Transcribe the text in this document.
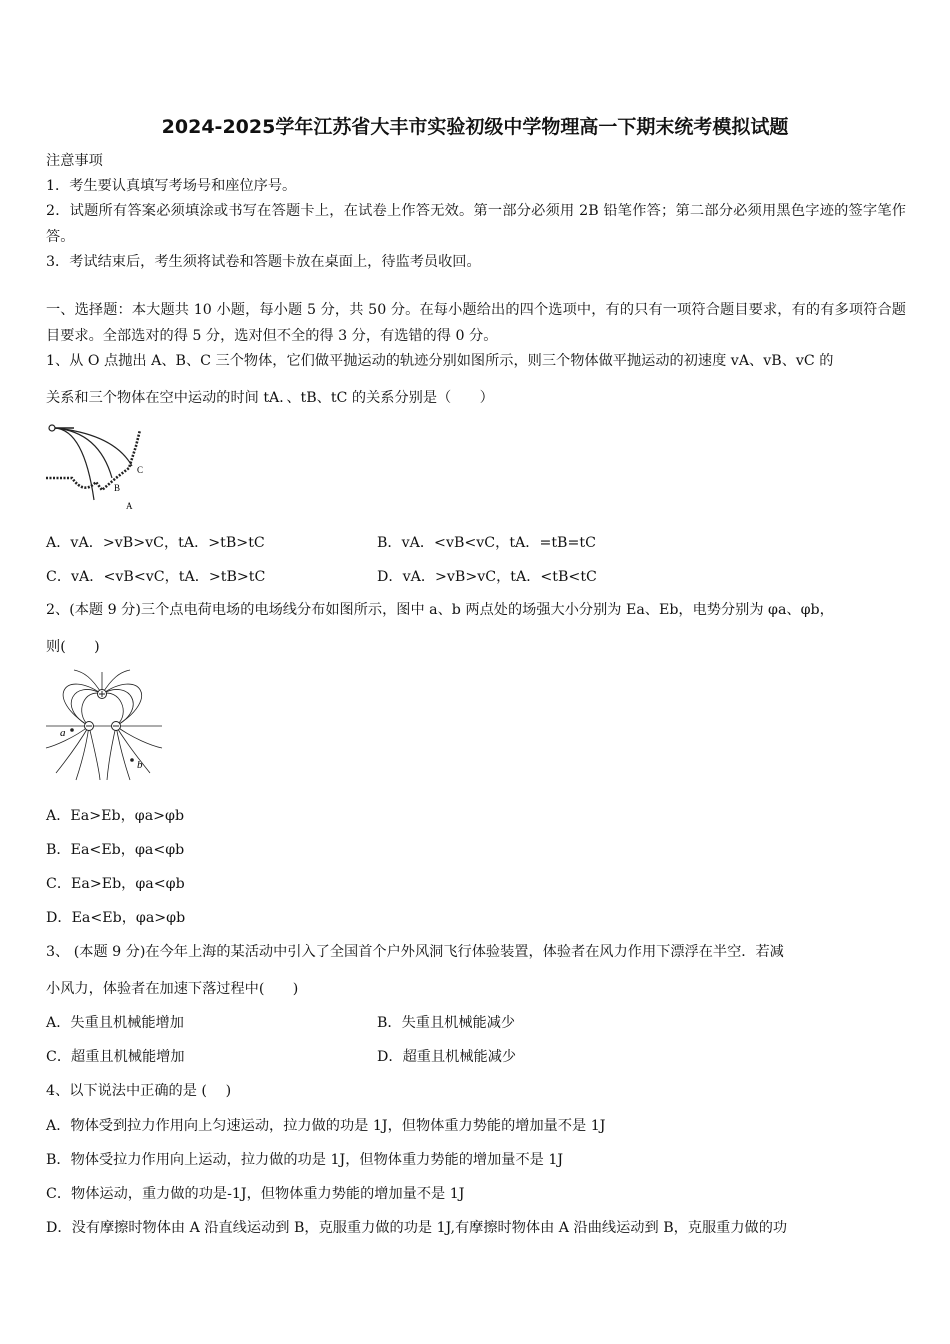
2024-2025学年江苏省大丰市实验初级中学物理高一下期末统考模拟试题
注意事项
1．考生要认真填写考场号和座位序号。
2．试题所有答案必须填涂或书写在答题卡上，在试卷上作答无效。第一部分必须用 2B 铅笔作答；第二部分必须用黑色字迹的签字笔作答。
3．考试结束后，考生须将试卷和答题卡放在桌面上，待监考员收回。
一、选择题：本大题共 10 小题，每小题 5 分，共 50 分。在每小题给出的四个选项中，有的只有一项符合题目要求，有的有多项符合题目要求。全部选对的得 5 分，选对但不全的得 3 分，有选错的得 0 分。
1、从 O 点抛出 A、B、C 三个物体，它们做平抛运动的轨迹分别如图所示，则三个物体做平抛运动的初速度 vA、vB、vC 的
关系和三个物体在空中运动的时间 tA．、tB、tC 的关系分别是（　　）
A
B
C
A．vA．>vB>vC，tA．>tB>tC	B．vA．<vB<vC，tA．=tB=tC
C．vA．<vB<vC，tA．>tB>tC	D．vA．>vB>vC，tA．<tB<tC
2、(本题 9 分)三个点电荷电场的电场线分布如图所示，图中 a、b 两点处的场强大小分别为 Ea、Eb，电势分别为 φa、φb，
则(　　)
a
b
A．Ea>Eb，φa>φb
B．Ea<Eb，φa<φb
C．Ea>Eb，φa<φb
D．Ea<Eb，φa>φb
3、 (本题 9 分)在今年上海的某活动中引入了全国首个户外风洞飞行体验装置，体验者在风力作用下漂浮在半空．若减
小风力，体验者在加速下落过程中(　　)
A．失重且机械能增加	B．失重且机械能减少
C．超重且机械能增加	D．超重且机械能减少
4、以下说法中正确的是 (　 )
A．物体受到拉力作用向上匀速运动，拉力做的功是 1J，但物体重力势能的增加量不是 1J
B．物体受拉力作用向上运动，拉力做的功是 1J，但物体重力势能的增加量不是 1J
C．物体运动，重力做的功是-1J，但物体重力势能的增加量不是 1J
D．没有摩擦时物体由 A 沿直线运动到 B，克服重力做的功是 1J,有摩擦时物体由 A 沿曲线运动到 B，克服重力做的功
